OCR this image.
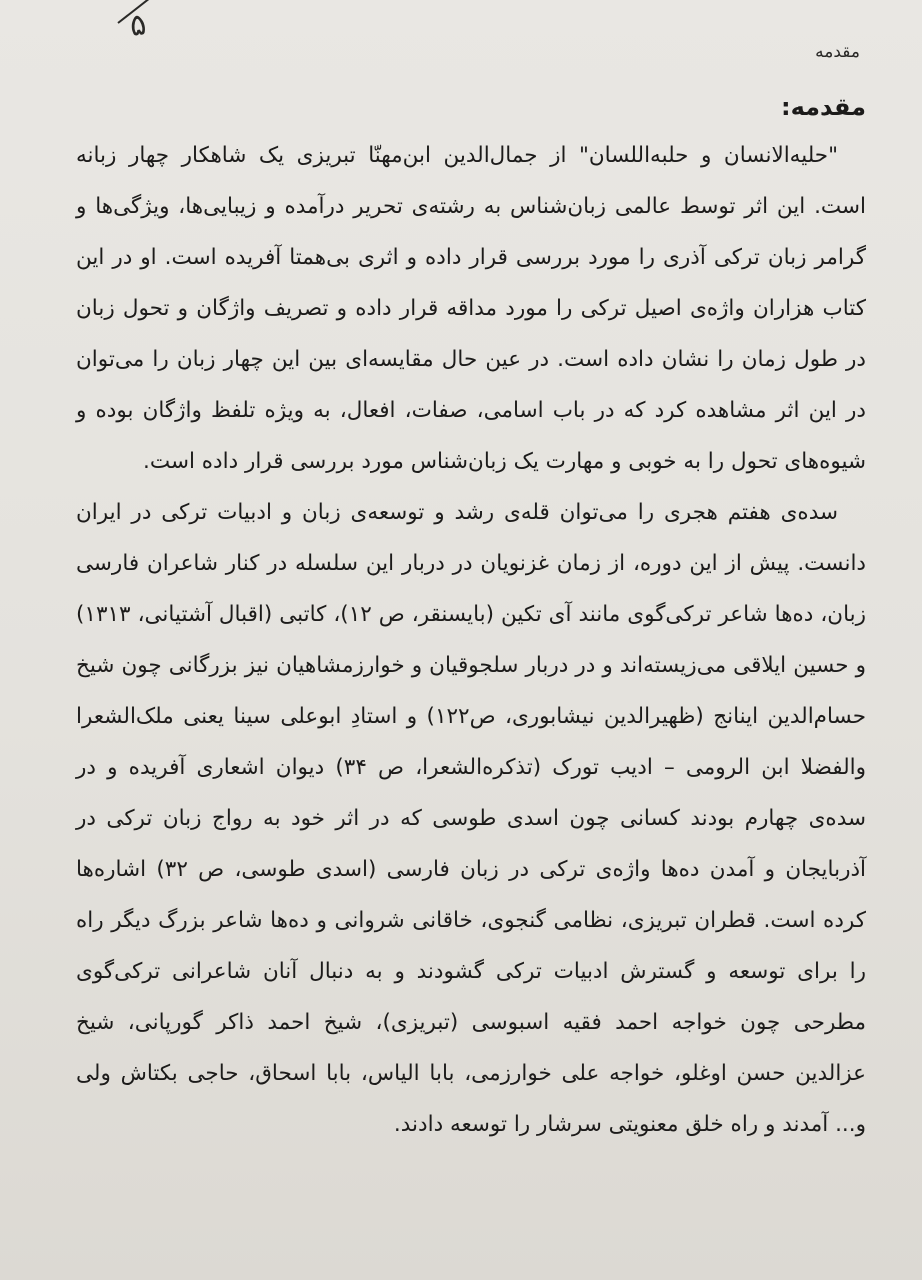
۵
مقدمه
مقدمه:

"حلیه‌الانسان و حلبه‌اللسان" از جمال‌الدین ابن‌مهنّا تبریزی یک شاهکار چهار زبانه است. این اثر توسط عالمی زبان‌شناس به رشته‌ی تحریر درآمده و زیبایی‌ها، ویژگی‌ها و گرامر زبان ترکی آذری را مورد بررسی قرار داده و اثری بی‌همتا آفریده است. او در این کتاب هزاران واژه‌ی اصیل ترکی را مورد مداقه قرار داده و تصریف واژگان و تحول زبان در طول زمان را نشان داده است. در عین حال مقایسه‌ای بین این چهار زبان را می‌توان در این اثر مشاهده کرد که در باب اسامی، صفات، افعال، به ویژه تلفظ واژگان بوده و شیوه‌های تحول را به خوبی و مهارت یک زبان‌شناس مورد بررسی قرار داده است.

سده‌ی هفتم هجری را می‌توان قله‌ی رشد و توسعه‌ی زبان و ادبیات ترکی در ایران دانست. پیش از این دوره، از زمان غزنویان در دربار این سلسله در کنار شاعران فارسی زبان، ده‌ها شاعر ترکی‌گوی مانند آی تکین (بایسنقر، ص ۱۲)، کاتبی (اقبال آشتیانی، ۱۳۱۳) و حسین ایلاقی می‌زیسته‌اند و در دربار سلجوقیان و خوارزمشاهیان نیز بزرگانی چون شیخ حسام‌الدین اینانج (ظهیرالدین نیشابوری، ص۱۲۲) و استادِ ابوعلی سینا یعنی ملک‌الشعرا والفضلا ابن الرومی – ادیب تورک (تذکره‌الشعرا، ص ۳۴) دیوان اشعاری آفریده و در سده‌ی چهارم بودند کسانی چون اسدی طوسی که در اثر خود به رواج زبان ترکی در آذربایجان و آمدن ده‌ها واژه‌ی ترکی در زبان فارسی (اسدی طوسی، ص ۳۲) اشاره‌ها کرده است. قطران تبریزی، نظامی گنجوی، خاقانی شروانی و ده‌ها شاعر بزرگ دیگر راه را برای توسعه و گسترش ادبیات ترکی گشودند و به دنبال آنان شاعرانی ترکی‌گوی مطرحی چون خواجه احمد فقیه اسبوسی (تبریزی)، شیخ احمد ذاکر گورپانی، شیخ عزالدین حسن اوغلو، خواجه علی خوارزمی، بابا الیاس، بابا اسحاق، حاجی بکتاش ولی و... آمدند و راه خلق معنویتی سرشار را توسعه دادند.
